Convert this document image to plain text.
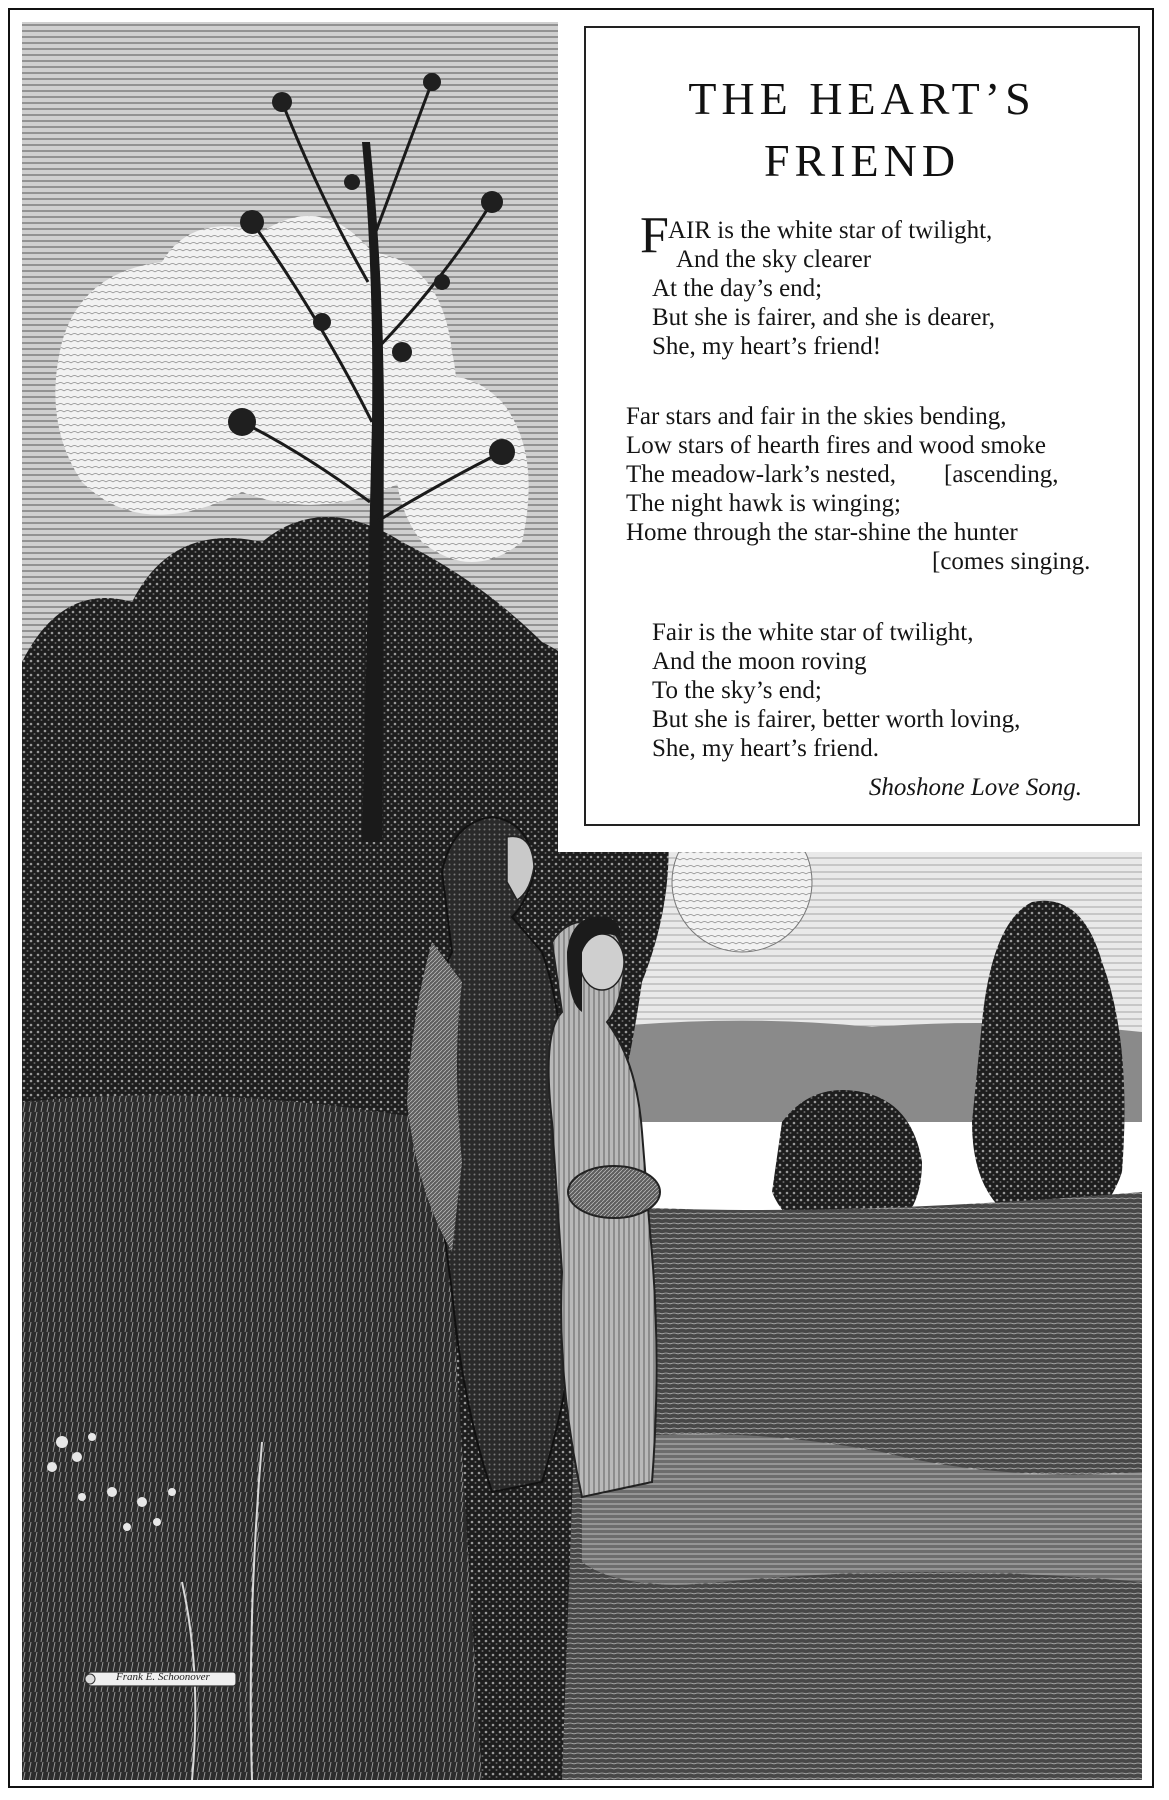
THE HEART’S
FRIEND
F AIR is the white star of twilight,
And the sky clearer
At the day’s end;
But she is fairer, and she is dearer,
She, my heart’s friend!
Far stars and fair in the skies bending,
Low stars of hearth fires and wood smoke
The meadow-lark’s nested, [ascending,
The night hawk is winging;
Home through the star-shine the hunter
[comes singing.
Fair is the white star of twilight,
And the moon roving
To the sky’s end;
But she is fairer, better worth loving,
She, my heart’s friend.
Shoshone Love Song.
Frank E. Schoonover
